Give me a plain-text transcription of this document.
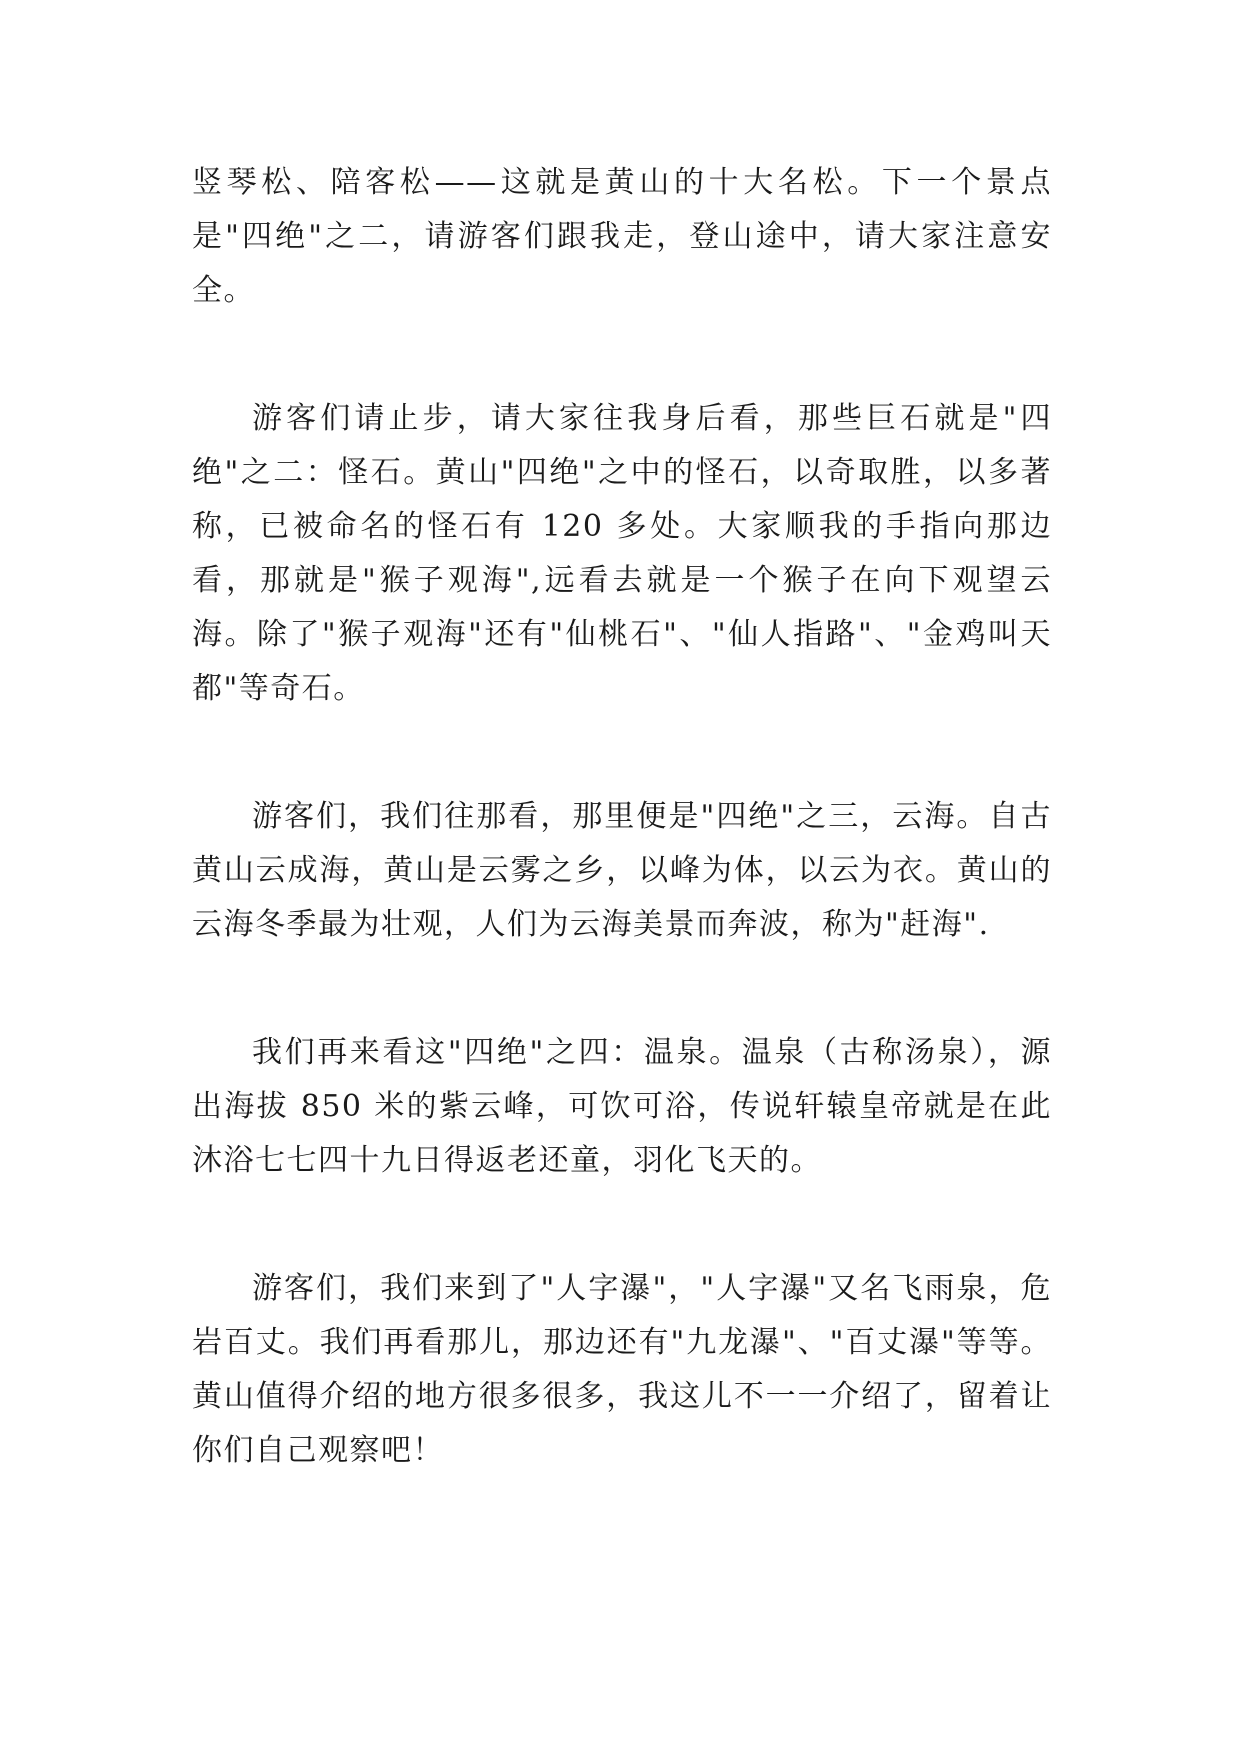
竖琴松、陪客松——这就是黄山的十大名松。下一个景点是"四绝"之二，请游客们跟我走，登山途中，请大家注意安全。

游客们请止步，请大家往我身后看，那些巨石就是"四绝"之二：怪石。黄山"四绝"之中的怪石，以奇取胜，以多著称，已被命名的怪石有 120 多处。大家顺我的手指向那边看，那就是"猴子观海",远看去就是一个猴子在向下观望云海。除了"猴子观海"还有"仙桃石"、"仙人指路"、"金鸡叫天都"等奇石。

游客们，我们往那看，那里便是"四绝"之三，云海。自古黄山云成海，黄山是云雾之乡，以峰为体，以云为衣。黄山的云海冬季最为壮观，人们为云海美景而奔波，称为"赶海".

我们再来看这"四绝"之四：温泉。温泉（古称汤泉），源出海拔 850 米的紫云峰，可饮可浴，传说轩辕皇帝就是在此沐浴七七四十九日得返老还童，羽化飞天的。

游客们，我们来到了"人字瀑"，"人字瀑"又名飞雨泉，危岩百丈。我们再看那儿，那边还有"九龙瀑"、"百丈瀑"等等。黄山值得介绍的地方很多很多，我这儿不一一介绍了，留着让你们自己观察吧！
